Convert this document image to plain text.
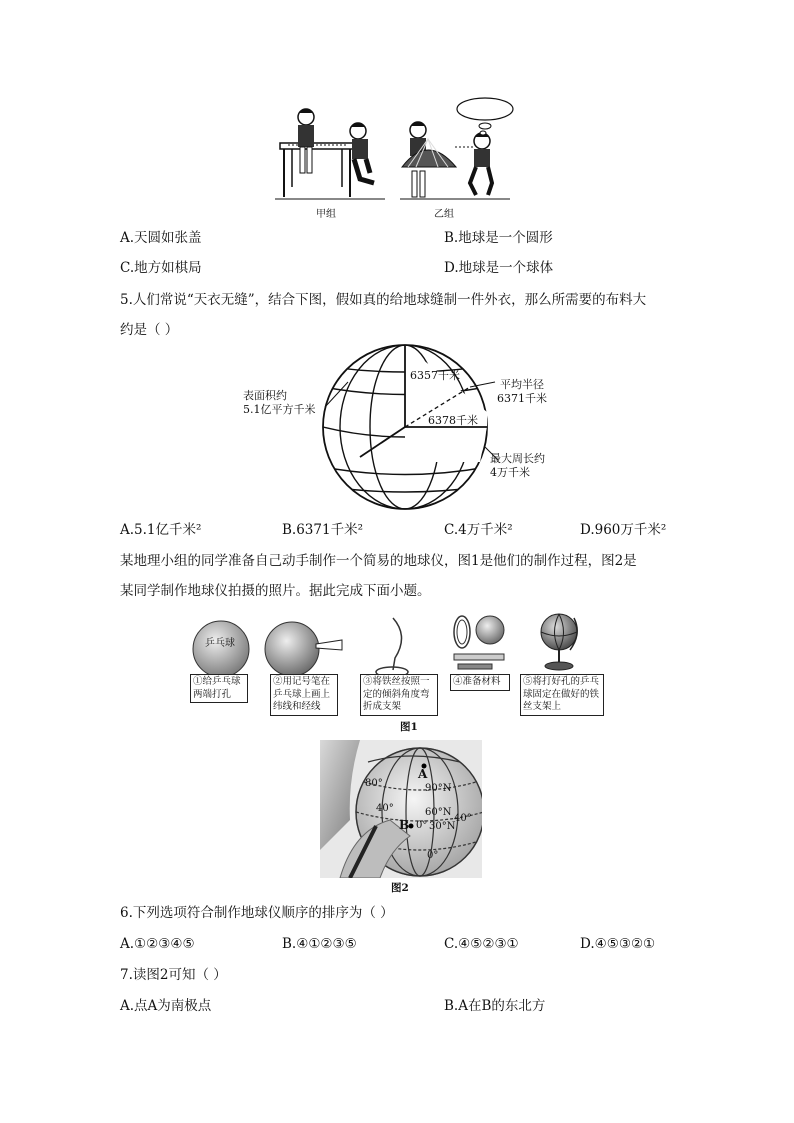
甲组	乙组
A.天圆如张盖	B.地球是一个圆形
C.地方如棋局	D.地球是一个球体
5.人们常说“天衣无缝”，结合下图，假如真的给地球缝制一件外衣，那么所需要的布料大
约是（ ）
表面积约
5.1亿平方千米
6357千米
平均半径
6371千米
6378千米
最大周长约
4万千米
A.5.1亿千米²	B.6371千米²	C.4万千米²	D.960万千米²
某地理小组的同学准备自己动手制作一个简易的地球仪，图1是他们的制作过程，图2是
某同学制作地球仪拍摄的照片。据此完成下面小题。
乒乓球
①给乒乓球两端打孔
②用记号笔在乒乓球上画上纬线和经线
③将铁丝按照一定的倾斜角度弯折成支架
④准备材料	⑤将打好孔的乒乓球固定在做好的铁丝支架上
图1
A
B
90°N
60°N
30°N
0°
0°
80°
40°
40°
图2
6.下列选项符合制作地球仪顺序的排序为（ ）
A.①②③④⑤	B.④①②③⑤	C.④⑤②③①	D.④⑤③②①
7.读图2可知（ ）
A.点A为南极点	B.A在B的东北方
